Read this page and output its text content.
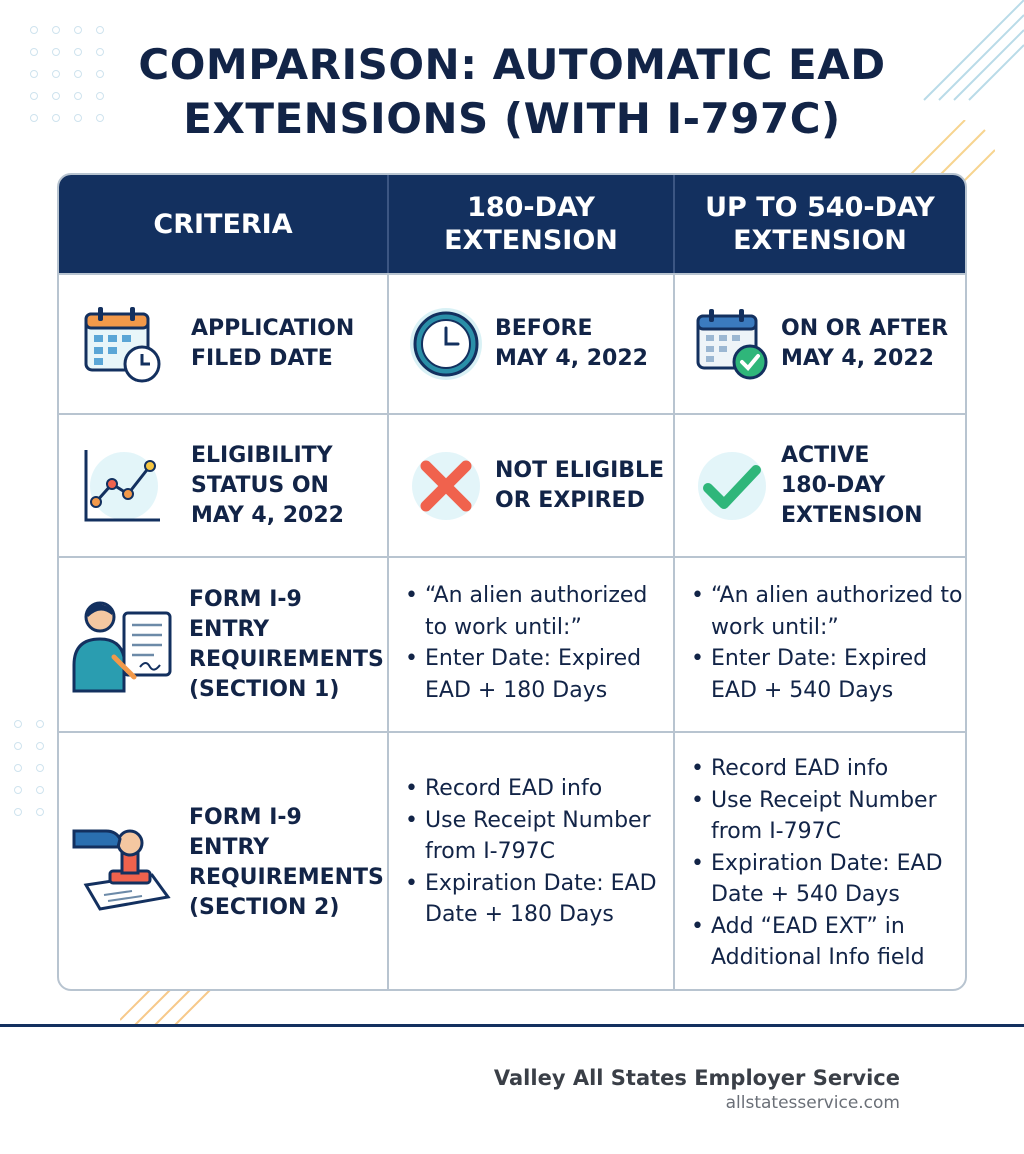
COMPARISON: AUTOMATIC EAD
EXTENSIONS (WITH I-797C)
CRITERIA
180-DAY
EXTENSION
UP TO 540-DAY
EXTENSION
APPLICATION
FILED DATE
BEFORE
MAY 4, 2022
ON OR AFTER
MAY 4, 2022
ELIGIBILITY
STATUS ON
MAY 4, 2022
NOT ELIGIBLE
OR EXPIRED
ACTIVE
180-DAY
EXTENSION
FORM I-9
ENTRY
REQUIREMENTS
(SECTION 1)
• “An alien authorized to work until:”
• Enter Date: Expired EAD + 180 Days
• “An alien authorized to work until:”
• Enter Date: Expired EAD + 540 Days
FORM I-9
ENTRY
REQUIREMENTS
(SECTION 2)
• Record EAD info
• Use Receipt Number from I-797C
• Expiration Date: EAD Date + 180 Days
• Record EAD info
• Use Receipt Number from I-797C
• Expiration Date: EAD Date + 540 Days
• Add “EAD EXT” in Additional Info field
Valley All States Employer Service
allstatesservice.com
